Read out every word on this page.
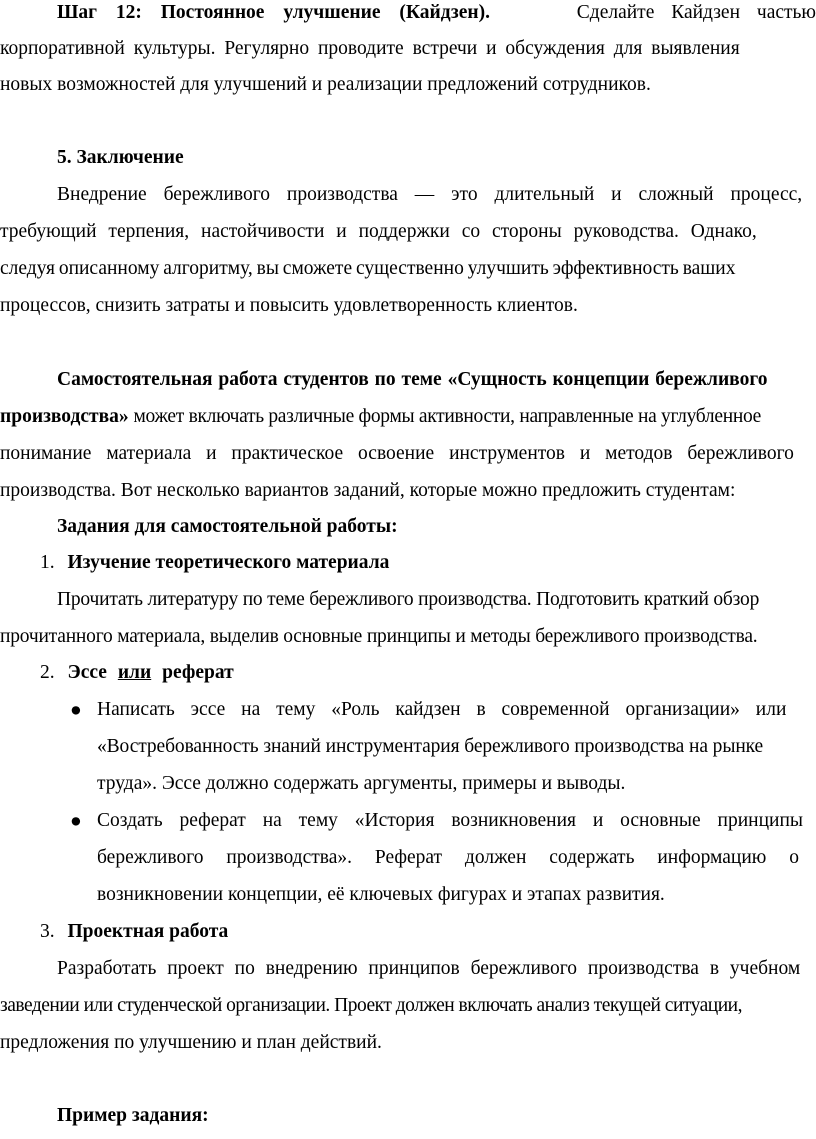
Шаг 12: Постоянное улучшение (Кайдзен).	Сделайте Кайдзен частью
корпоративной культуры. Регулярно проводите встречи и обсуждения для выявления
новых возможностей для улучшений и реализации предложений сотрудников.
5. Заключение
Внедрение бережливого производства — это длительный и сложный процесс,
требующий терпения, настойчивости и поддержки со стороны руководства. Однако,
следуя описанному алгоритму, вы сможете существенно улучшить эффективность ваших
процессов, снизить затраты и повысить удовлетворенность клиентов.
Самостоятельная работа студентов по теме «Сущность концепции бережливого
производства» может включать различные формы активности, направленные на углубленное
понимание материала и практическое освоение инструментов и методов бережливого
производства. Вот несколько вариантов заданий, которые можно предложить студентам:
Задания для самостоятельной работы:
1. Изучение теоретического материала
Прочитать литературу по теме бережливого производства. Подготовить краткий обзор
прочитанного материала, выделив основные принципы и методы бережливого производства.
2. Эссе или реферат
● Написать эссе на тему «Роль кайдзен в современной организации» или
«Востребованность знаний инструментария бережливого производства на рынке
труда». Эссе должно содержать аргументы, примеры и выводы.
● Создать реферат на тему «История возникновения и основные принципы
бережливого производства». Реферат должен содержать информацию о
возникновении концепции, её ключевых фигурах и этапах развития.
3. Проектная работа
Разработать проект по внедрению принципов бережливого производства в учебном
заведении или студенческой организации. Проект должен включать анализ текущей ситуации,
предложения по улучшению и план действий.
Пример задания:
